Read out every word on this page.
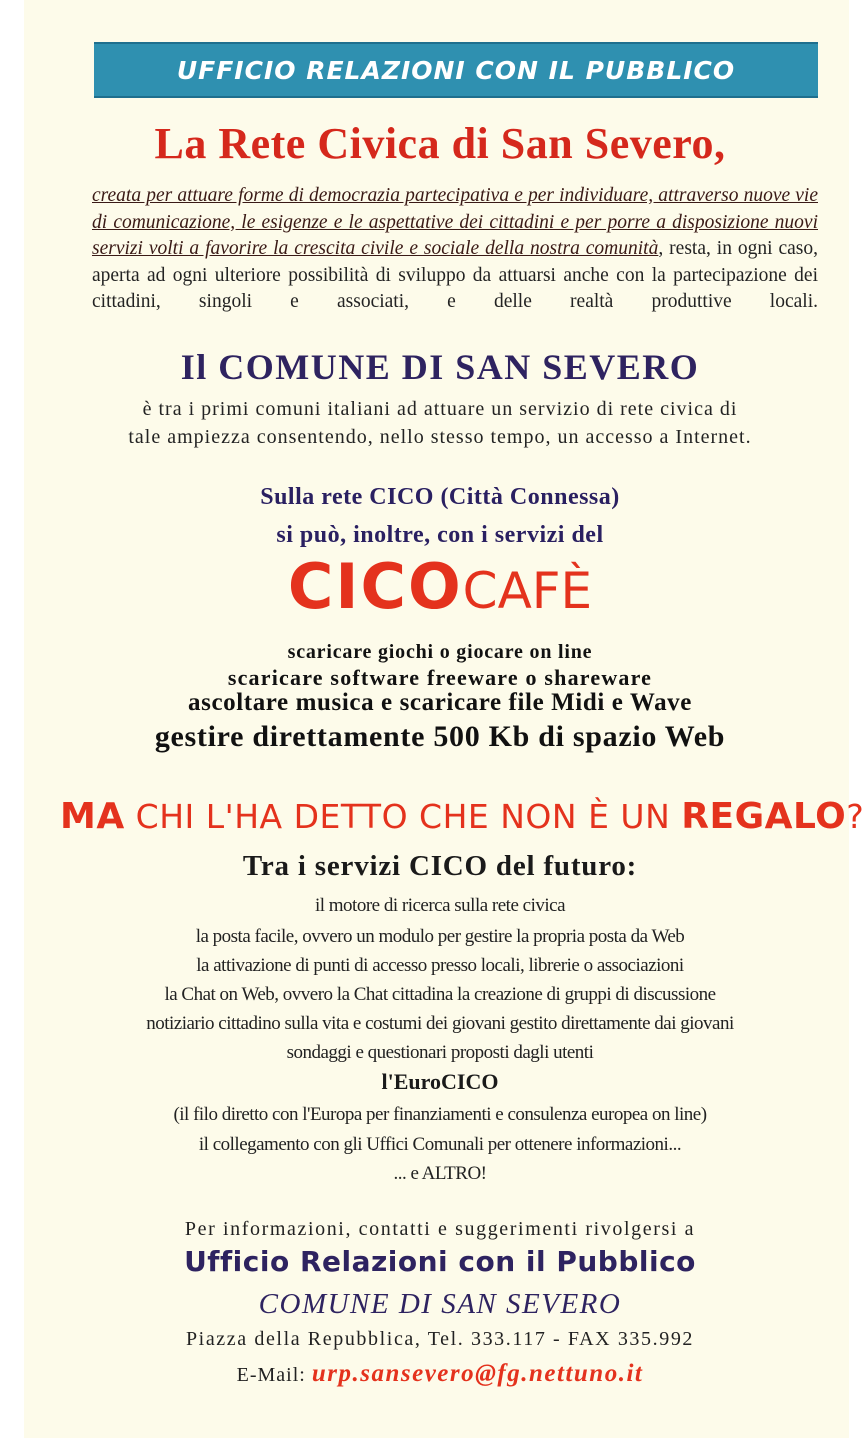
UFFICIO RELAZIONI CON IL PUBBLICO
La Rete Civica di San Severo,
creata per attuare forme di democrazia partecipativa e per individuare, attraverso nuove vie di comunicazione, le esigenze e le aspettative dei cittadini e per porre a disposizione nuovi servizi volti a favorire la crescita civile e sociale della nostra comunità, resta, in ogni caso, aperta ad ogni ulteriore possibilità di sviluppo da attuarsi anche con la partecipazione dei cittadini, singoli e associati, e delle realtà produttive locali.
Il COMUNE DI SAN SEVERO
è tra i primi comuni italiani ad attuare un servizio di rete civica di
tale ampiezza consentendo, nello stesso tempo, un accesso a Internet.
Sulla rete CICO (Città Connessa)
si può, inoltre, con i servizi del
CICOCAFÈ
scaricare giochi o giocare on line
scaricare software freeware o shareware
ascoltare musica e scaricare file Midi e Wave
gestire direttamente 500 Kb di spazio Web
MA CHI L'HA DETTO CHE NON È UN REGALO?
Tra i servizi CICO del futuro:
il motore di ricerca sulla rete civica
la posta facile, ovvero un modulo per gestire la propria posta da Web
la attivazione di punti di accesso presso locali, librerie o associazioni
la Chat on Web, ovvero la Chat cittadina la creazione di gruppi di discussione
notiziario cittadino sulla vita e costumi dei giovani gestito direttamente dai giovani
sondaggi e questionari proposti dagli utenti
l'EuroCICO
(il filo diretto con l'Europa per finanziamenti e consulenza europea on line)
il collegamento con gli Uffici Comunali per ottenere informazioni...
... e ALTRO!
Per informazioni, contatti e suggerimenti rivolgersi a
Ufficio Relazioni con il Pubblico
COMUNE DI SAN SEVERO
Piazza della Repubblica, Tel. 333.117 - FAX 335.992
E-Mail: urp.sansevero@fg.nettuno.it
